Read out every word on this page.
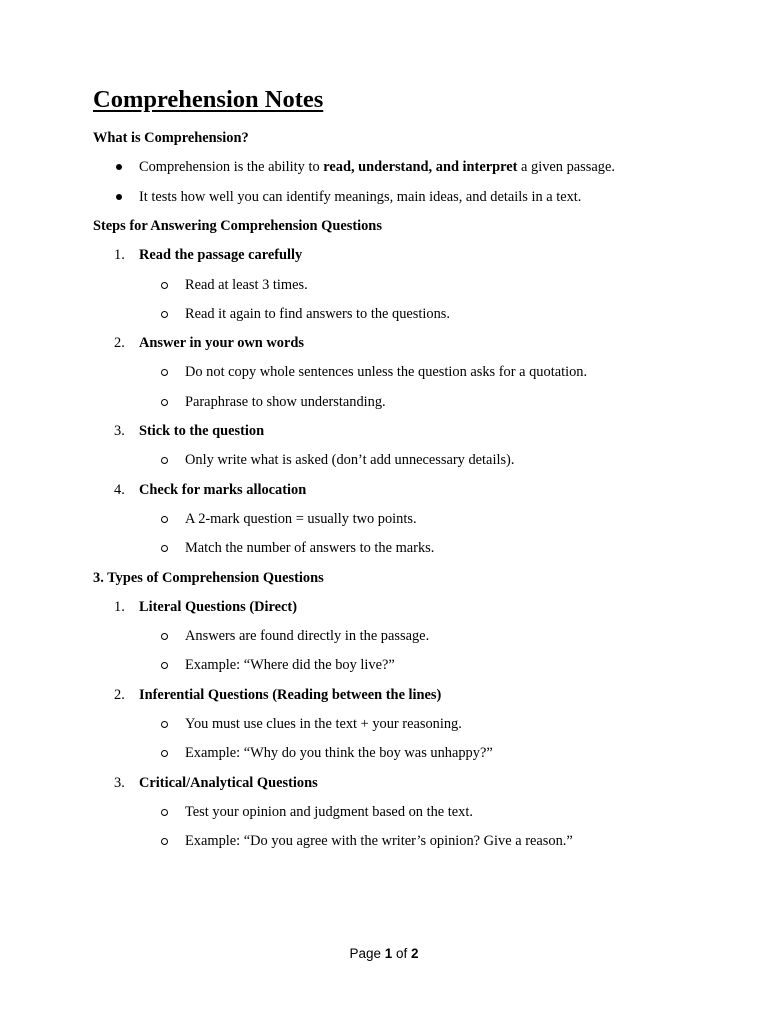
Comprehension Notes
What is Comprehension?
Comprehension is the ability to read, understand, and interpret a given passage.
It tests how well you can identify meanings, main ideas, and details in a text.
Steps for Answering Comprehension Questions
1. Read the passage carefully
Read at least 3 times.
Read it again to find answers to the questions.
2. Answer in your own words
Do not copy whole sentences unless the question asks for a quotation.
Paraphrase to show understanding.
3. Stick to the question
Only write what is asked (don’t add unnecessary details).
4. Check for marks allocation
A 2-mark question = usually two points.
Match the number of answers to the marks.
3. Types of Comprehension Questions
1. Literal Questions (Direct)
Answers are found directly in the passage.
Example: “Where did the boy live?”
2. Inferential Questions (Reading between the lines)
You must use clues in the text + your reasoning.
Example: “Why do you think the boy was unhappy?”
3. Critical/Analytical Questions
Test your opinion and judgment based on the text.
Example: “Do you agree with the writer’s opinion? Give a reason.”
Page 1 of 2
